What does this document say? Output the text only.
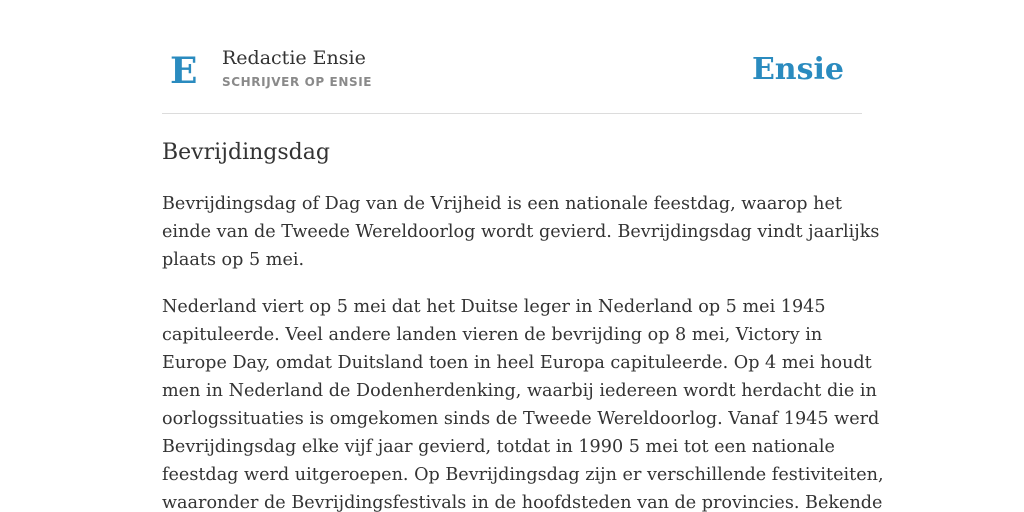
E	Redactie Ensie
SCHRIJVER OP ENSIE	Ensie
Bevrijdingsdag

Bevrijdingsdag of Dag van de Vrijheid is een nationale feestdag, waarop het
einde van de Tweede Wereldoorlog wordt gevierd. Bevrijdingsdag vindt jaarlijks
plaats op 5 mei.

Nederland viert op 5 mei dat het Duitse leger in Nederland op 5 mei 1945
capituleerde. Veel andere landen vieren de bevrijding op 8 mei, Victory in
Europe Day, omdat Duitsland toen in heel Europa capituleerde. Op 4 mei houdt
men in Nederland de Dodenherdenking, waarbij iedereen wordt herdacht die in
oorlogssituaties is omgekomen sinds de Tweede Wereldoorlog. Vanaf 1945 werd
Bevrijdingsdag elke vijf jaar gevierd, totdat in 1990 5 mei tot een nationale
feestdag werd uitgeroepen. Op Bevrijdingsdag zijn er verschillende festiviteiten,
waaronder de Bevrijdingsfestivals in de hoofdsteden van de provincies. Bekende
